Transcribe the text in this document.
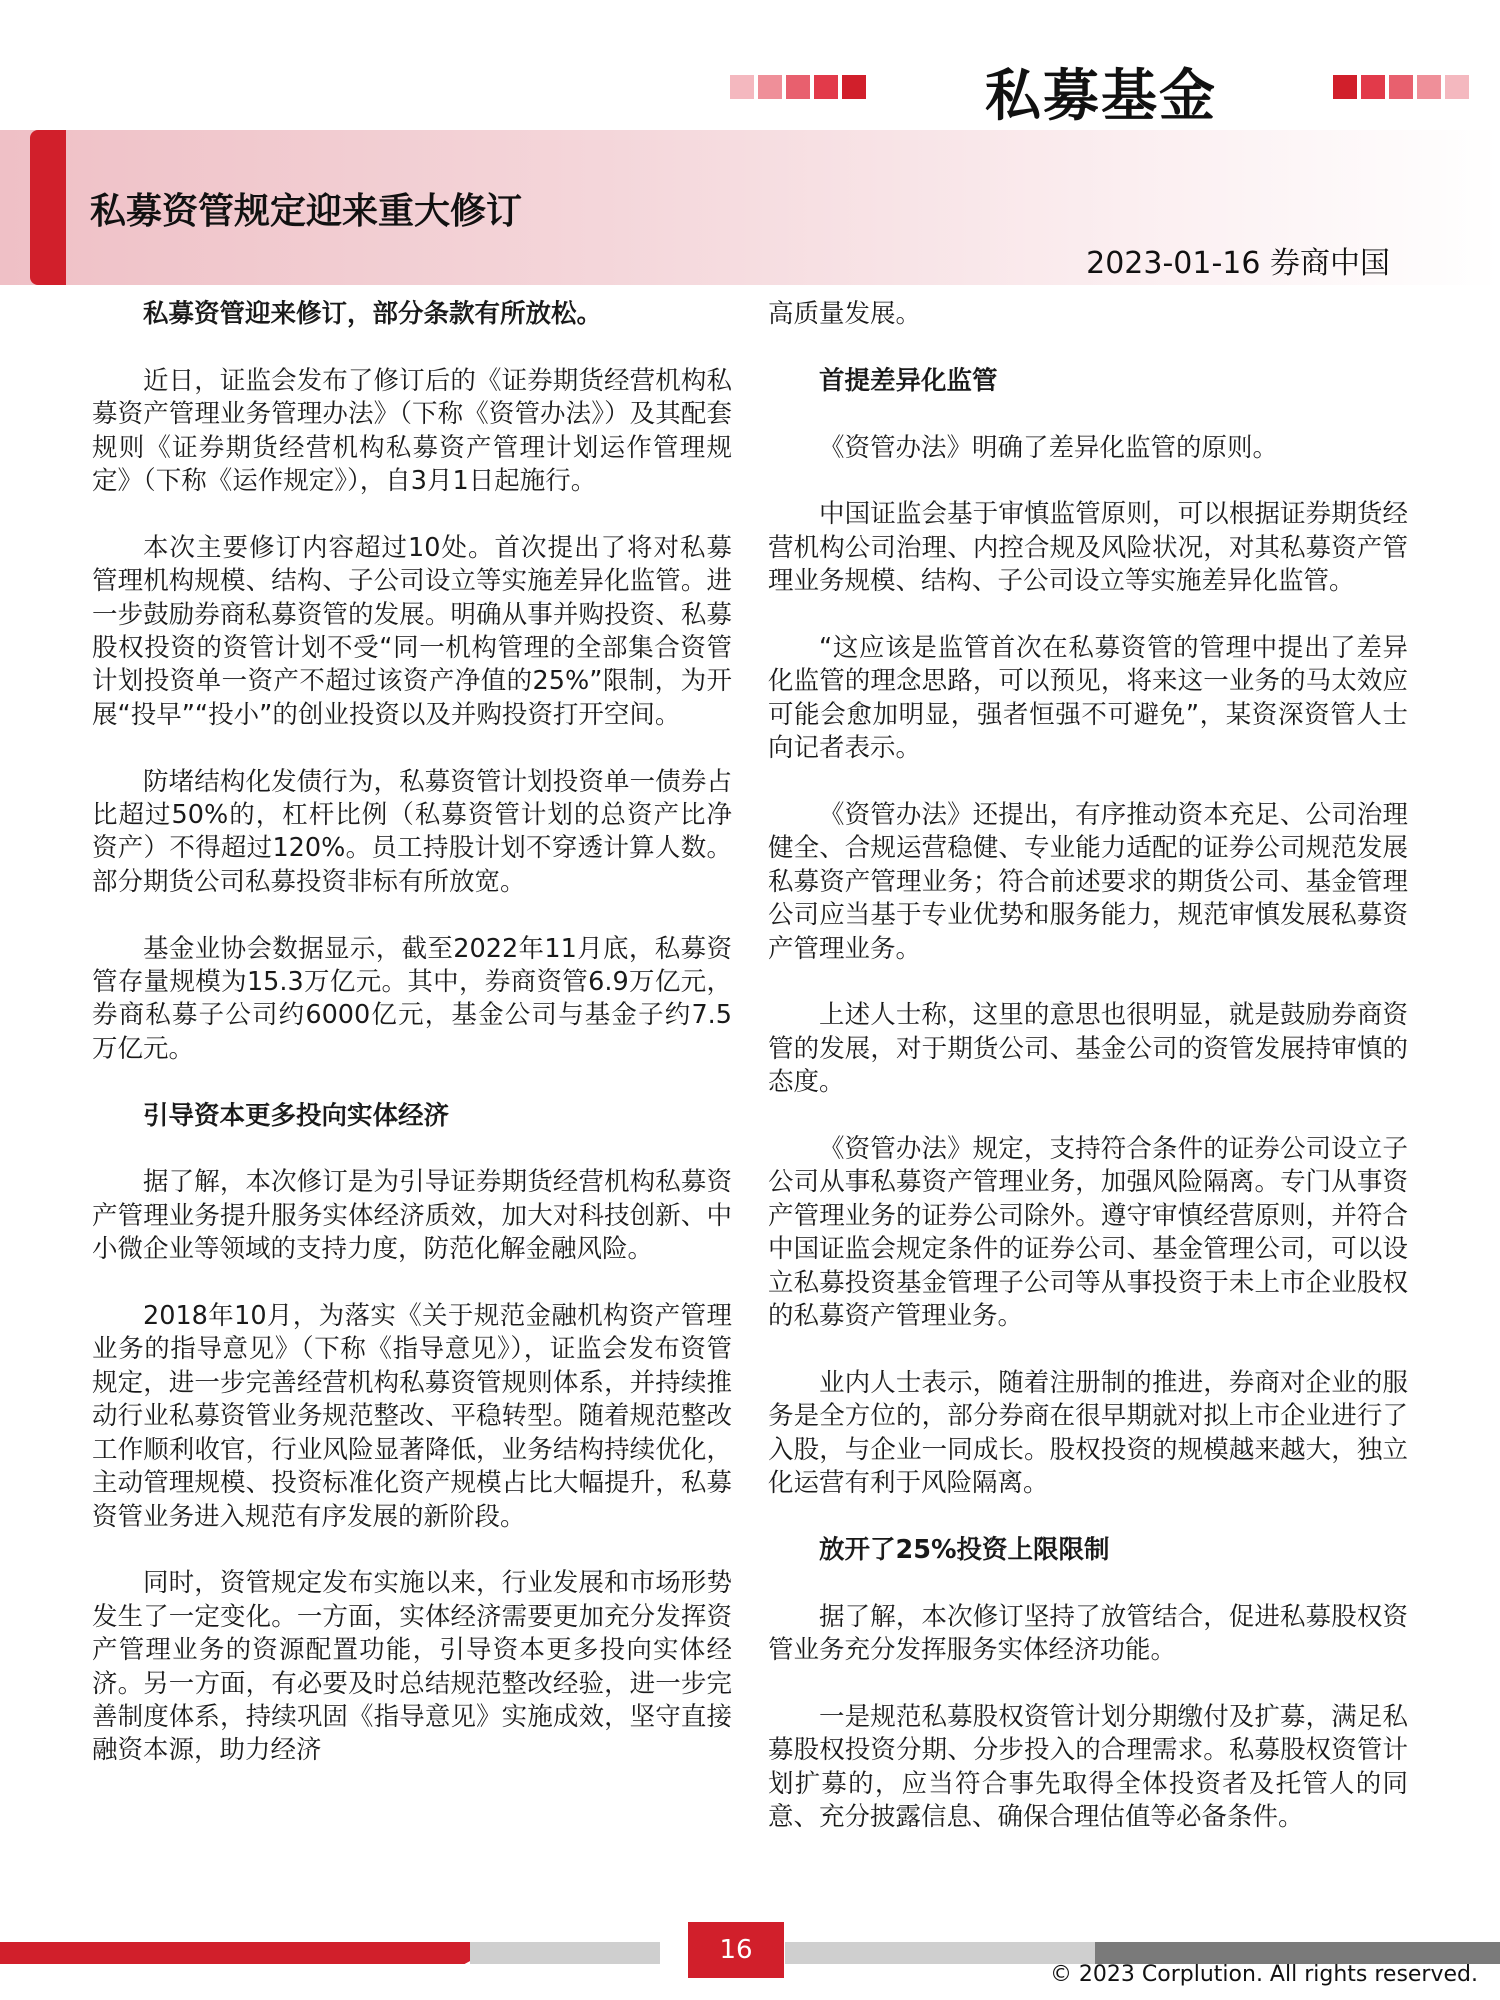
私募基金
私募资管规定迎来重大修订
2023-01-16 券商中国
私募资管迎来修订，部分条款有所放松。

近日，证监会发布了修订后的《证券期货经营机构私募资产管理业务管理办法》（下称《资管办法》）及其配套规则《证券期货经营机构私募资产管理计划运作管理规定》（下称《运作规定》），自3月1日起施行。

本次主要修订内容超过10处。首次提出了将对私募管理机构规模、结构、子公司设立等实施差异化监管。进一步鼓励券商私募资管的发展。明确从事并购投资、私募股权投资的资管计划不受“同一机构管理的全部集合资管计划投资单一资产不超过该资产净值的25%”限制，为开展“投早”“投小”的创业投资以及并购投资打开空间。

防堵结构化发债行为，私募资管计划投资单一债券占比超过50%的，杠杆比例（私募资管计划的总资产比净资产）不得超过120%。员工持股计划不穿透计算人数。部分期货公司私募投资非标有所放宽。

基金业协会数据显示，截至2022年11月底，私募资管存量规模为15.3万亿元。其中，券商资管6.9万亿元，券商私募子公司约6000亿元，基金公司与基金子约7.5万亿元。

引导资本更多投向实体经济

据了解，本次修订是为引导证券期货经营机构私募资产管理业务提升服务实体经济质效，加大对科技创新、中小微企业等领域的支持力度，防范化解金融风险。

2018年10月，为落实《关于规范金融机构资产管理业务的指导意见》（下称《指导意见》），证监会发布资管规定，进一步完善经营机构私募资管规则体系，并持续推动行业私募资管业务规范整改、平稳转型。随着规范整改工作顺利收官，行业风险显著降低，业务结构持续优化，主动管理规模、投资标准化资产规模占比大幅提升，私募资管业务进入规范有序发展的新阶段。

同时，资管规定发布实施以来，行业发展和市场形势发生了一定变化。一方面，实体经济需要更加充分发挥资产管理业务的资源配置功能，引导资本更多投向实体经济。另一方面，有必要及时总结规范整改经验，进一步完善制度体系，持续巩固《指导意见》实施成效，坚守直接融资本源，助力经济

高质量发展。

首提差异化监管

《资管办法》明确了差异化监管的原则。

中国证监会基于审慎监管原则，可以根据证券期货经营机构公司治理、内控合规及风险状况，对其私募资产管理业务规模、结构、子公司设立等实施差异化监管。

“这应该是监管首次在私募资管的管理中提出了差异化监管的理念思路，可以预见，将来这一业务的马太效应可能会愈加明显，强者恒强不可避免”，某资深资管人士向记者表示。

《资管办法》还提出，有序推动资本充足、公司治理健全、合规运营稳健、专业能力适配的证券公司规范发展私募资产管理业务；符合前述要求的期货公司、基金管理公司应当基于专业优势和服务能力，规范审慎发展私募资产管理业务。

上述人士称，这里的意思也很明显，就是鼓励券商资管的发展，对于期货公司、基金公司的资管发展持审慎的态度。

《资管办法》规定，支持符合条件的证券公司设立子公司从事私募资产管理业务，加强风险隔离。专门从事资产管理业务的证券公司除外。遵守审慎经营原则，并符合中国证监会规定条件的证券公司、基金管理公司，可以设立私募投资基金管理子公司等从事投资于未上市企业股权的私募资产管理业务。

业内人士表示，随着注册制的推进，券商对企业的服务是全方位的，部分券商在很早期就对拟上市企业进行了入股，与企业一同成长。股权投资的规模越来越大，独立化运营有利于风险隔离。

放开了25%投资上限限制

据了解，本次修订坚持了放管结合，促进私募股权资管业务充分发挥服务实体经济功能。

一是规范私募股权资管计划分期缴付及扩募，满足私募股权投资分期、分步投入的合理需求。私募股权资管计划扩募的，应当符合事先取得全体投资者及托管人的同意、充分披露信息、确保合理估值等必备条件。

16
© 2023 Corplution. All rights reserved.
